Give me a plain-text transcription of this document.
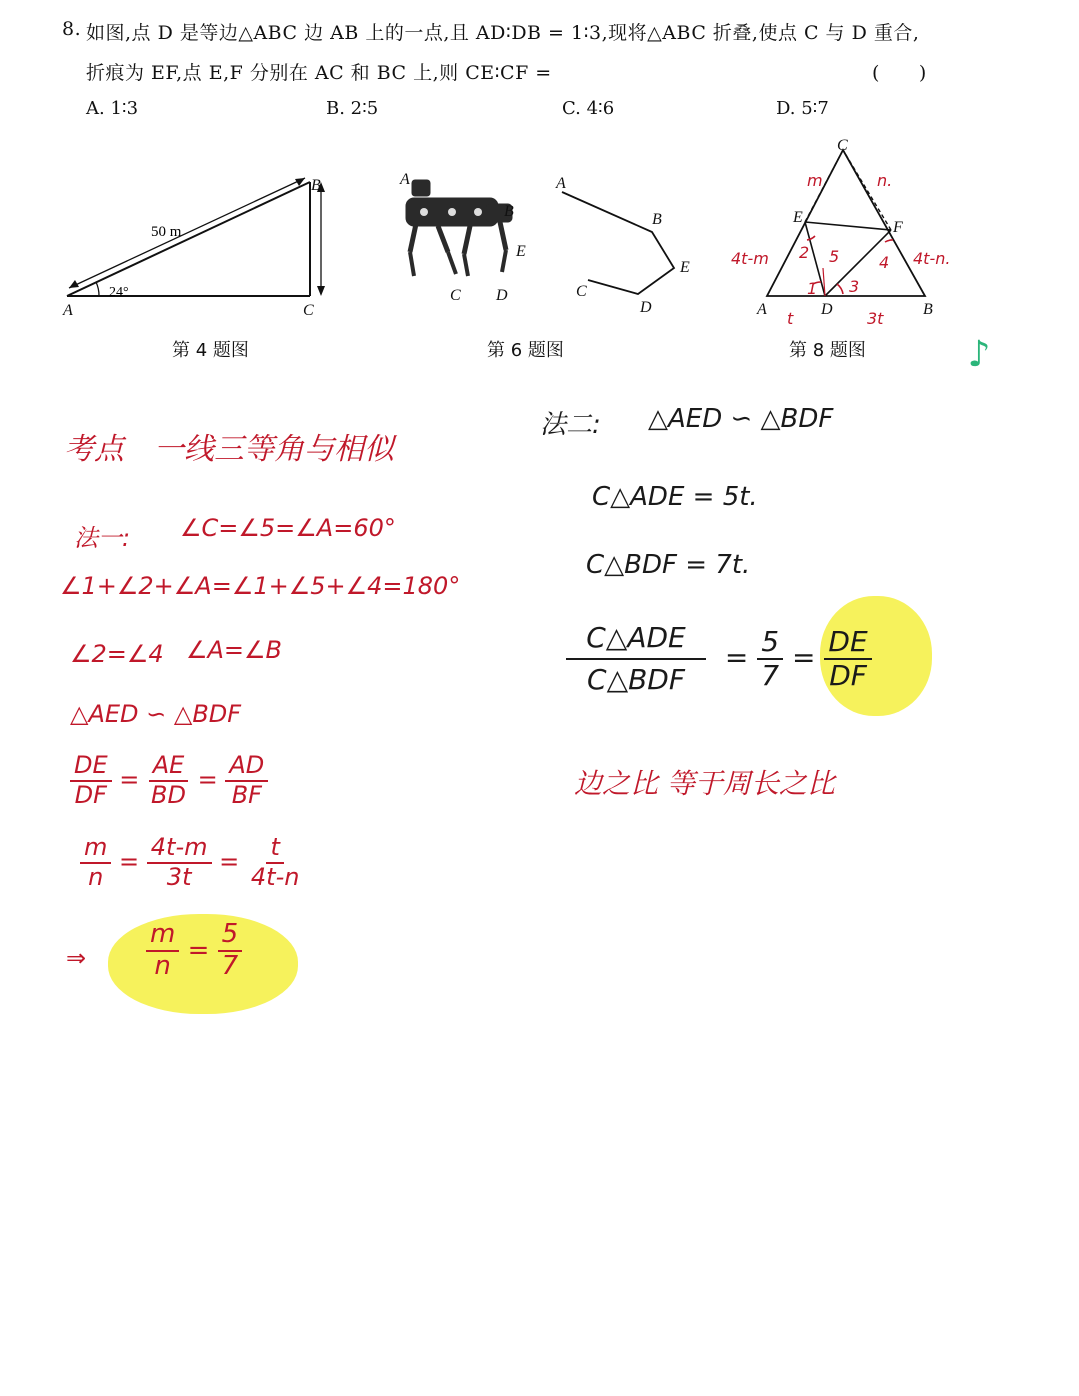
8. 如图,点 D 是等边△ABC 边 AB 上的一点,且 AD∶DB = 1∶3,现将△ABC 折叠,使点 C 与 D 重合,
折痕为 EF,点 E,F 分别在 AC 和 BC 上,则 CE∶CF =	(　　)
A. 1∶3	B. 2∶5	C. 4∶6	D. 5∶7
A
B
C
50 m
24°
第 4 题图
A
B
E
C D
A
B
E
D
C
第 6 题图
C
E
F
A	D	B
m	n.
4t-m	4t-n.
2 5 4
1 3
t	3t
第 8 题图	♪
考点　一线三等角与相似
法一: ∠C=∠5=∠A=60°
∠1+∠2+∠A=∠1+∠5+∠4=180°
∠2=∠4 ∠A=∠B
△AED ∽ △BDF
$\frac{DE}{DF} = \frac{AE}{BD} = \frac{AD}{BF}$
$\frac{m}{n} = \frac{4t-m}{3t} = \frac{t}{4t-n}$
⇒ $\frac{m}{n} = \frac{5}{7}$
法二: △AED ∽ △BDF
C△ADE = 5t.
C△BDF = 7t.
$\frac{\text{C△ADE}}{\text{C△BDF}} = \frac{5}{7} = \frac{DE}{DF}$
边之比 等于周长之比
